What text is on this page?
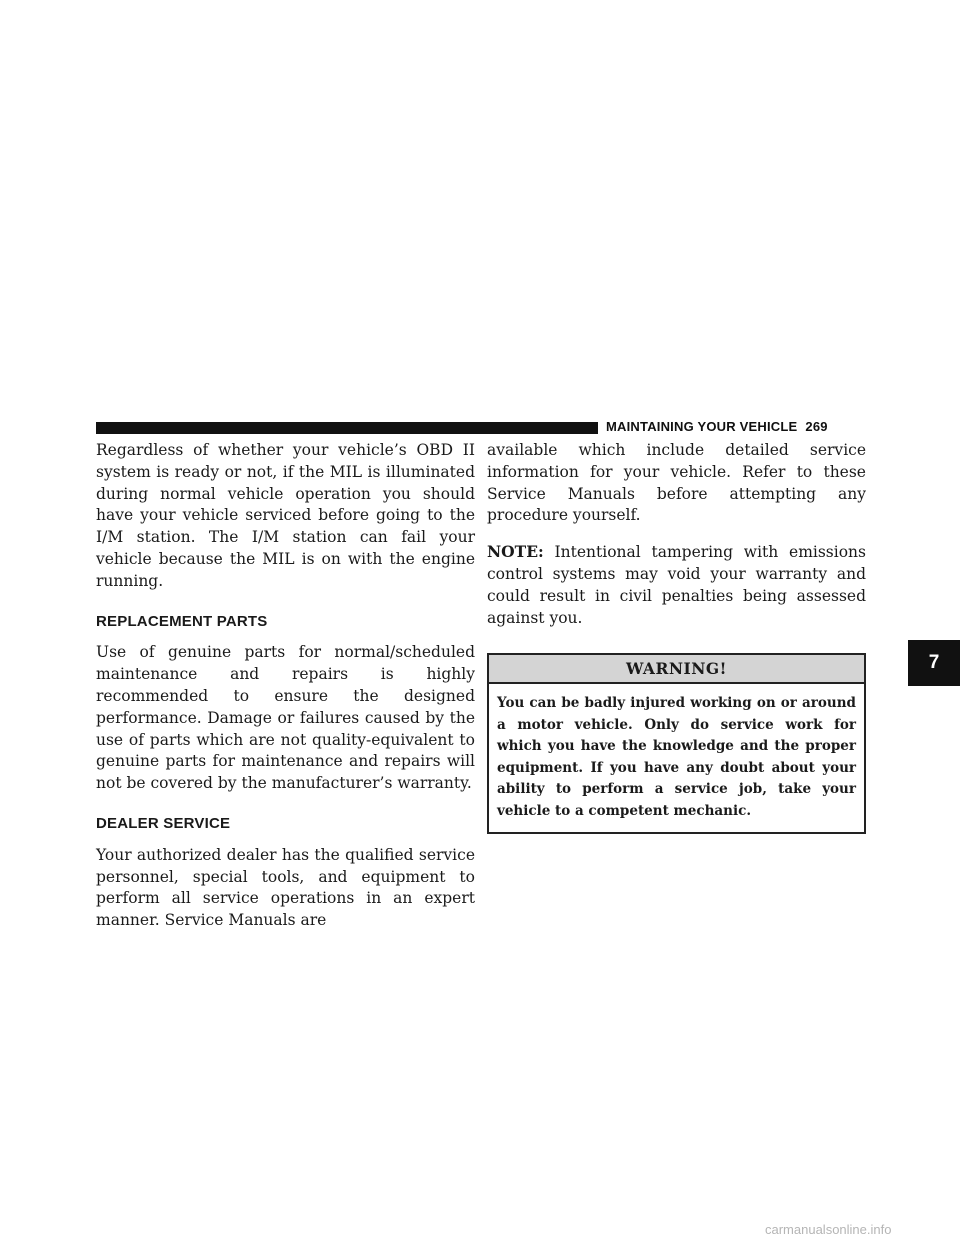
MAINTAINING YOUR VEHICLE 269

Regardless of whether your vehicle’s OBD II system is ready or not, if the MIL is illuminated during normal vehicle operation you should have your vehicle serviced before going to the I/M station. The I/M station can fail your vehicle because the MIL is on with the engine running.

REPLACEMENT PARTS

Use of genuine parts for normal/scheduled maintenance and repairs is highly recommended to ensure the designed performance. Damage or failures caused by the use of parts which are not quality-equivalent to genuine parts for maintenance and repairs will not be covered by the manufacturer’s warranty.

DEALER SERVICE

Your authorized dealer has the qualified service personnel, special tools, and equipment to perform all service operations in an expert manner. Service Manuals are

available which include detailed service information for your vehicle. Refer to these Service Manuals before attempting any procedure yourself.

NOTE: Intentional tampering with emissions control systems may void your warranty and could result in civil penalties being assessed against you.

WARNING!
You can be badly injured working on or around a motor vehicle. Only do service work for which you have the knowledge and the proper equipment. If you have any doubt about your ability to perform a service job, take your vehicle to a competent mechanic.
7
carmanualsonline.info
